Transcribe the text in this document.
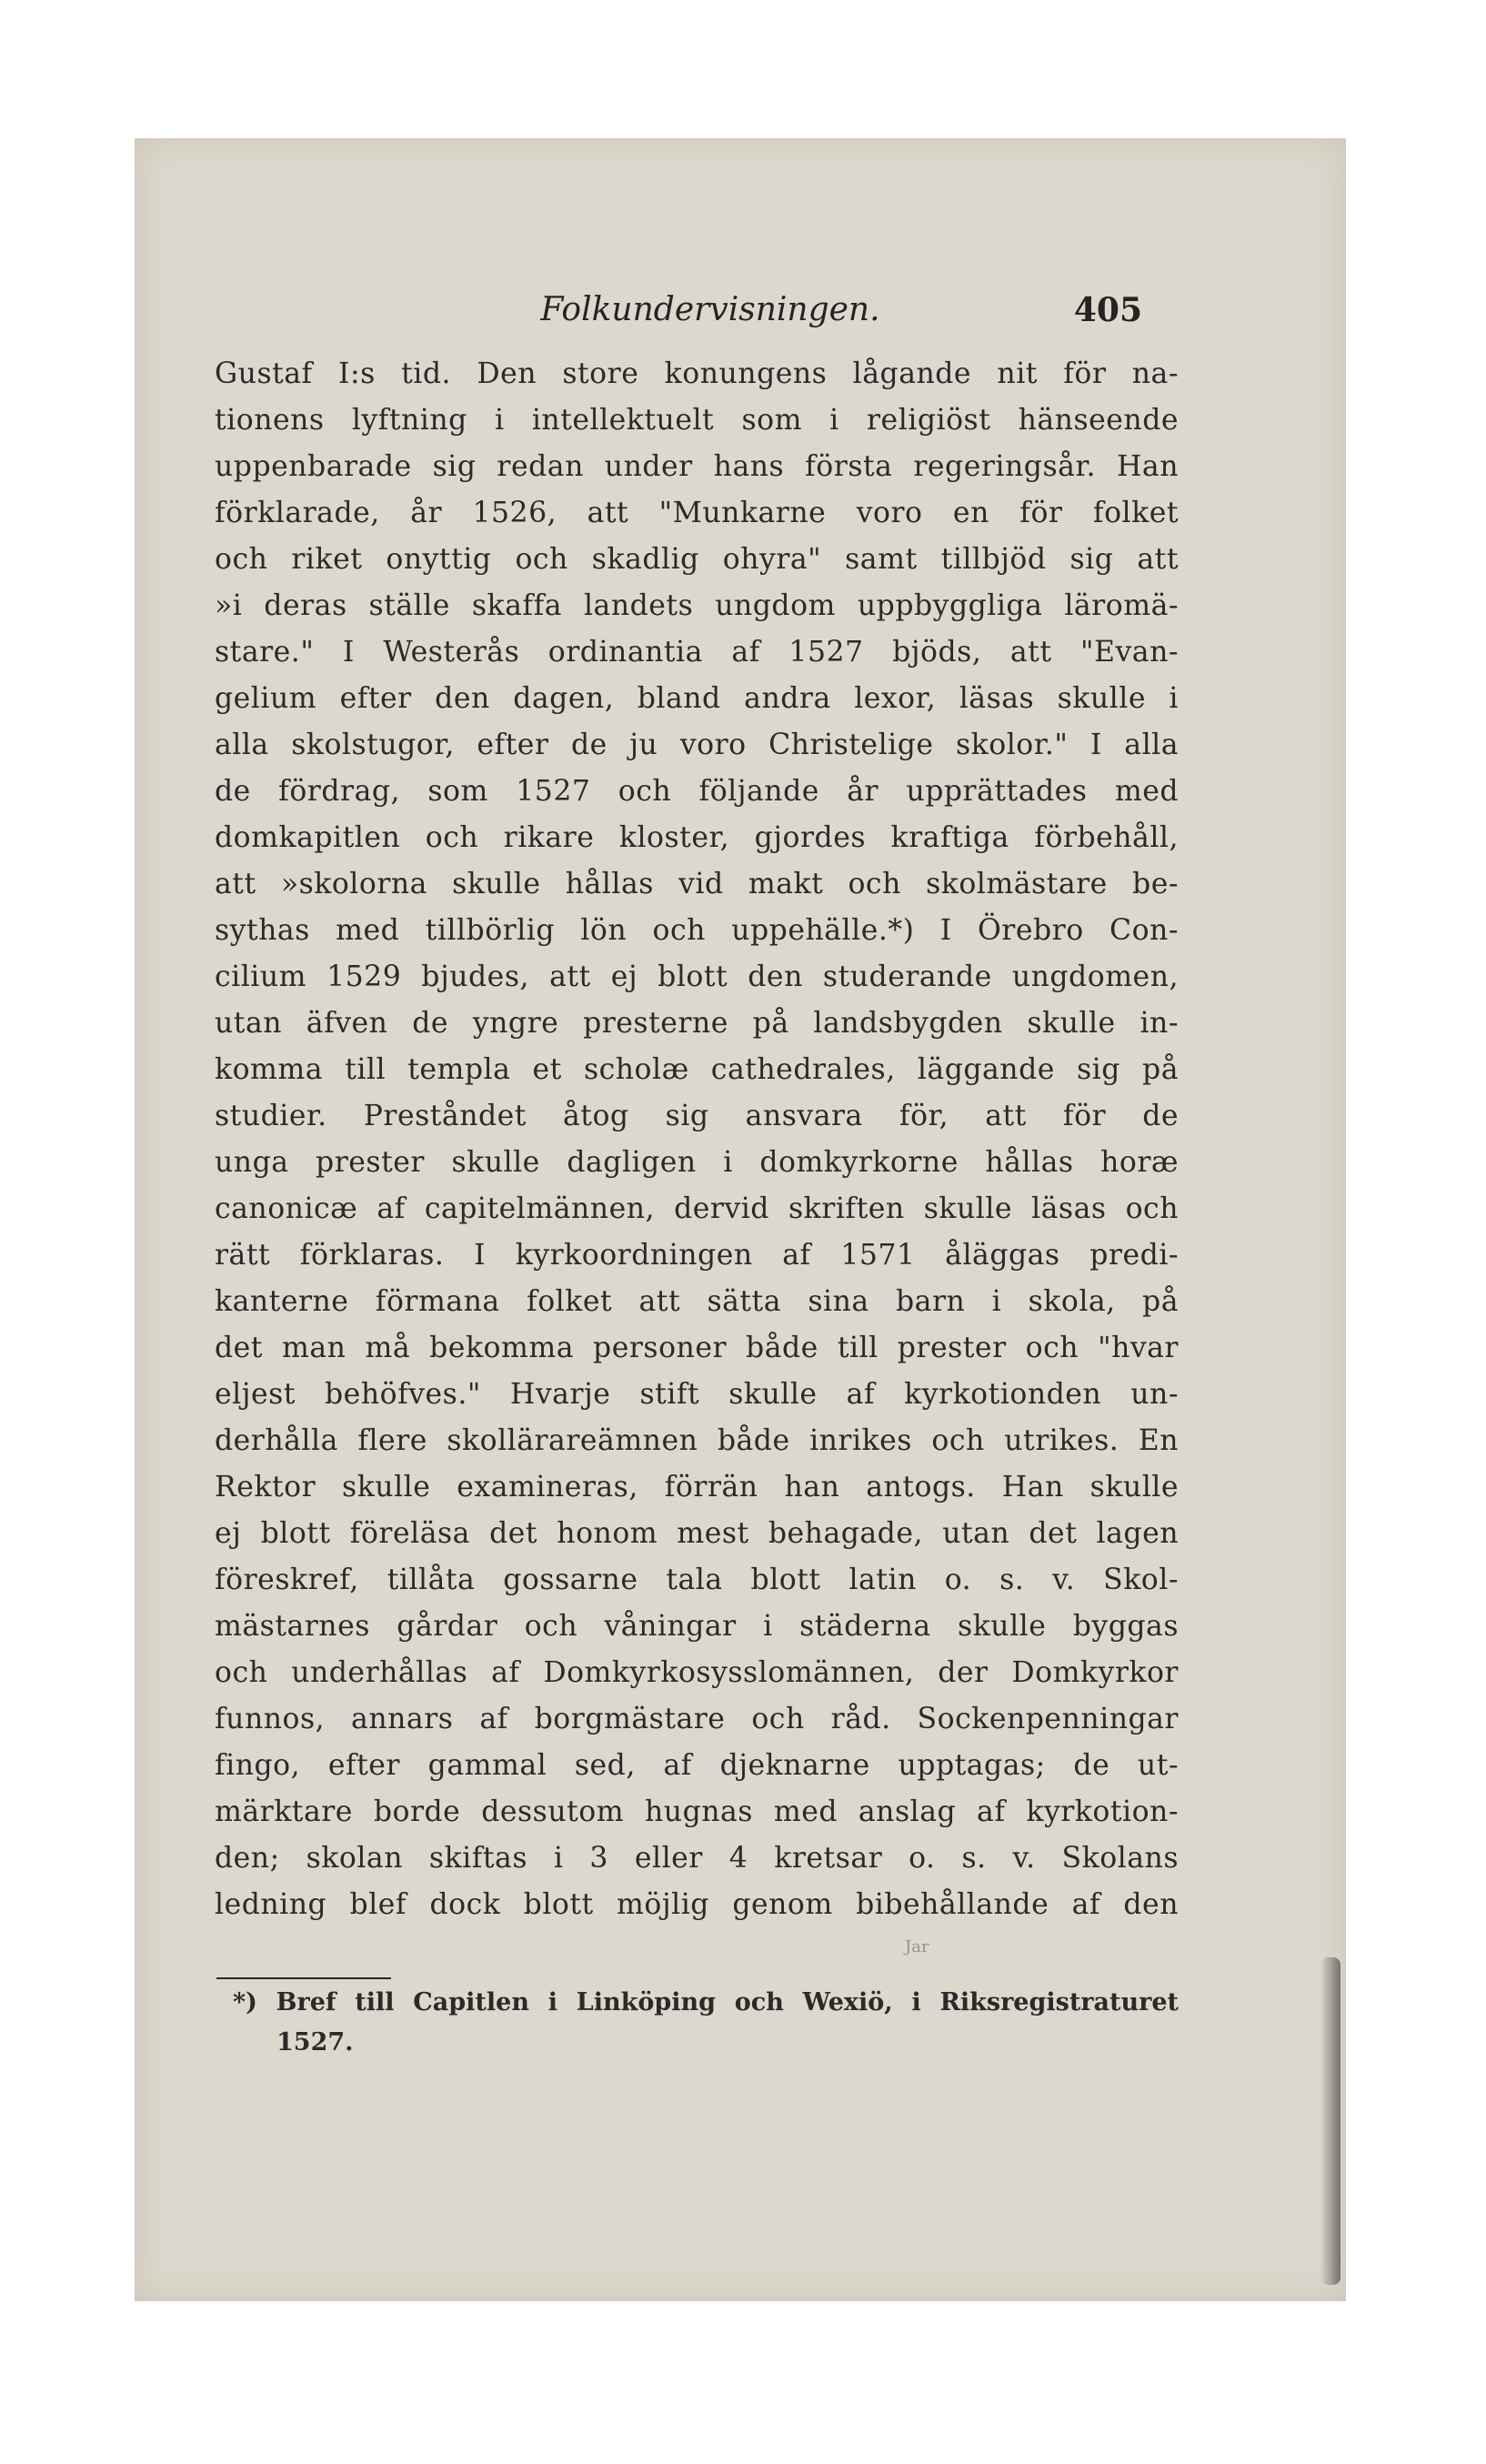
Folkundervisningen.	405
Gustaf I:s tid. Den store konungens lågande nit för na-
tionens lyftning i intellektuelt som i religiöst hänseende
uppenbarade sig redan under hans första regeringsår. Han
förklarade, år 1526, att "Munkarne voro en för folket
och riket onyttig och skadlig ohyra" samt tillbjöd sig att
»i deras ställe skaffa landets ungdom uppbyggliga läromä-
stare." I Westerås ordinantia af 1527 bjöds, att "Evan-
gelium efter den dagen, bland andra lexor, läsas skulle i
alla skolstugor, efter de ju voro Christelige skolor." I alla
de fördrag, som 1527 och följande år upprättades med
domkapitlen och rikare kloster, gjordes kraftiga förbehåll,
att »skolorna skulle hållas vid makt och skolmästare be-
sythas med tillbörlig lön och uppehälle.*) I Örebro Con-
cilium 1529 bjudes, att ej blott den studerande ungdomen,
utan äfven de yngre presterne på landsbygden skulle in-
komma till templa et scholæ cathedrales, läggande sig på
studier. Preståndet åtog sig ansvara för, att för de
unga prester skulle dagligen i domkyrkorne hållas horæ
canonicæ af capitelmännen, dervid skriften skulle läsas och
rätt förklaras. I kyrkoordningen af 1571 åläggas predi-
kanterne förmana folket att sätta sina barn i skola, på
det man må bekomma personer både till prester och "hvar
eljest behöfves." Hvarje stift skulle af kyrkotionden un-
derhålla flere skollärareämnen både inrikes och utrikes. En
Rektor skulle examineras, förrän han antogs. Han skulle
ej blott föreläsa det honom mest behagade, utan det lagen
föreskref, tillåta gossarne tala blott latin o. s. v. Skol-
mästarnes gårdar och våningar i städerna skulle byggas
och underhållas af Domkyrkosysslomännen, der Domkyrkor
funnos, annars af borgmästare och råd. Sockenpenningar
fingo, efter gammal sed, af djeknarne upptagas; de ut-
märktare borde dessutom hugnas med anslag af kyrkotion-
den; skolan skiftas i 3 eller 4 kretsar o. s. v. Skolans
ledning blef dock blott möjlig genom bibehållande af den
Jar
*) Bref till Capitlen i Linköping och Wexiö, i Riksregistraturet
1527.
